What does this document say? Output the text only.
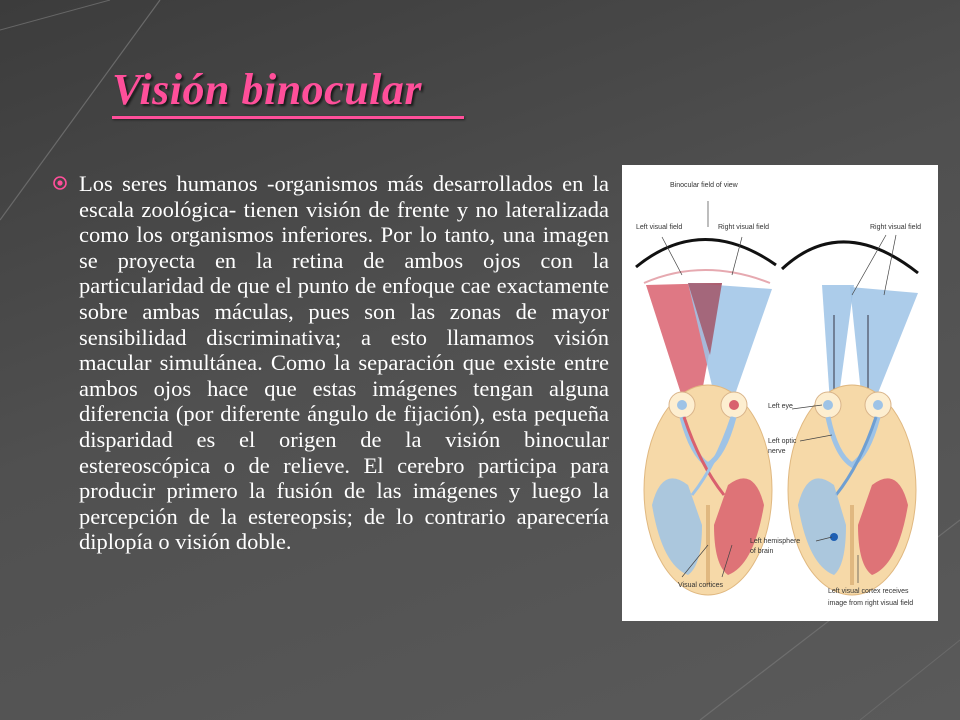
Visión binocular

Los seres humanos -organismos más desarrollados en la escala zoológica- tienen visión de frente y no lateralizada como los organismos inferiores. Por lo tanto, una imagen se proyecta en la retina de ambos ojos con la particularidad de que el punto de enfoque cae exactamente sobre ambas máculas, pues son las zonas de mayor sensibilidad discriminativa; a esto llamamos visión macular simultánea. Como la separación que existe entre ambos ojos hace que estas imágenes tengan alguna diferencia (por diferente ángulo de fijación), esta pequeña disparidad es el origen de la visión binocular estereoscópica o de relieve. El cerebro participa para producir primero la fusión de las imágenes y luego la percepción de la estereopsis; de lo contrario aparecería diplopía o visión doble.

Binocular field of view
Left visual field	Right visual field	Right visual field
Left eye
Left optic
nerve
Left hemisphere
of brain
Visual cortices
Left visual cortex receives
image from right visual field
